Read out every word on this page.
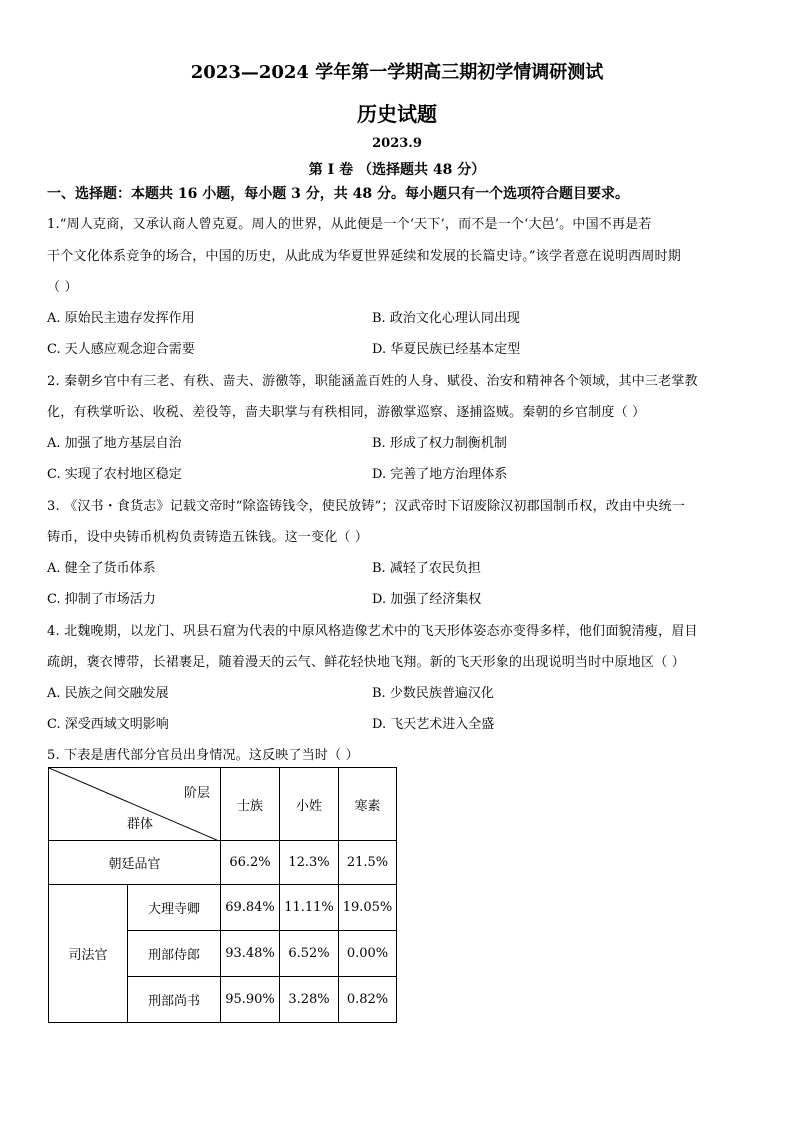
2023—2024 学年第一学期高三期初学情调研测试
历史试题
2023.9
第 I 卷 （选择题共 48 分）
一、选择题：本题共 16 小题，每小题 3 分，共 48 分。每小题只有一个选项符合题目要求。
1.“周人克商，又承认商人曾克夏。周人的世界，从此便是一个‘天下’，而不是一个‘大邑’。中国不再是若
干个文化体系竞争的场合，中国的历史，从此成为华夏世界延续和发展的长篇史诗。”该学者意在说明西周时期
（ ）
A. 原始民主遗存发挥作用	B. 政治文化心理认同出现
C. 天人感应观念迎合需要	D. 华夏民族已经基本定型
2. 秦朝乡官中有三老、有秩、啬夫、游徼等，职能涵盖百姓的人身、赋役、治安和精神各个领域，其中三老掌教
化，有秩掌听讼、收税、差役等，啬夫职掌与有秩相同，游徼掌巡察、逐捕盗贼。秦朝的乡官制度（ ）
A. 加强了地方基层自治	B. 形成了权力制衡机制
C. 实现了农村地区稳定	D. 完善了地方治理体系
3. 《汉书・食货志》记载文帝时“除盗铸钱令，使民放铸”；汉武帝时下诏废除汉初郡国制币权，改由中央统一
铸币，设中央铸币机构负责铸造五铢钱。这一变化（ ）
A. 健全了货币体系	B. 减轻了农民负担
C. 抑制了市场活力	D. 加强了经济集权
4. 北魏晚期，以龙门、巩县石窟为代表的中原风格造像艺术中的飞天形体姿态亦变得多样，他们面貌清瘦，眉目
疏朗，褒衣博带，长裙裹足，随着漫天的云气、鲜花轻快地飞翔。新的飞天形象的出现说明当时中原地区（ ）
A. 民族之间交融发展	B. 少数民族普遍汉化
C. 深受西域文明影响	D. 飞天艺术进入全盛
5. 下表是唐代部分官员出身情况。这反映了当时（ ）
阶层
群体		士族	小姓	寒素
朝廷品官		66.2%	12.3%	21.5%
司法官	大理寺卿	69.84%	11.11%	19.05%
	刑部侍郎	93.48%	6.52%	0.00%
	刑部尚书	95.90%	3.28%	0.82%
